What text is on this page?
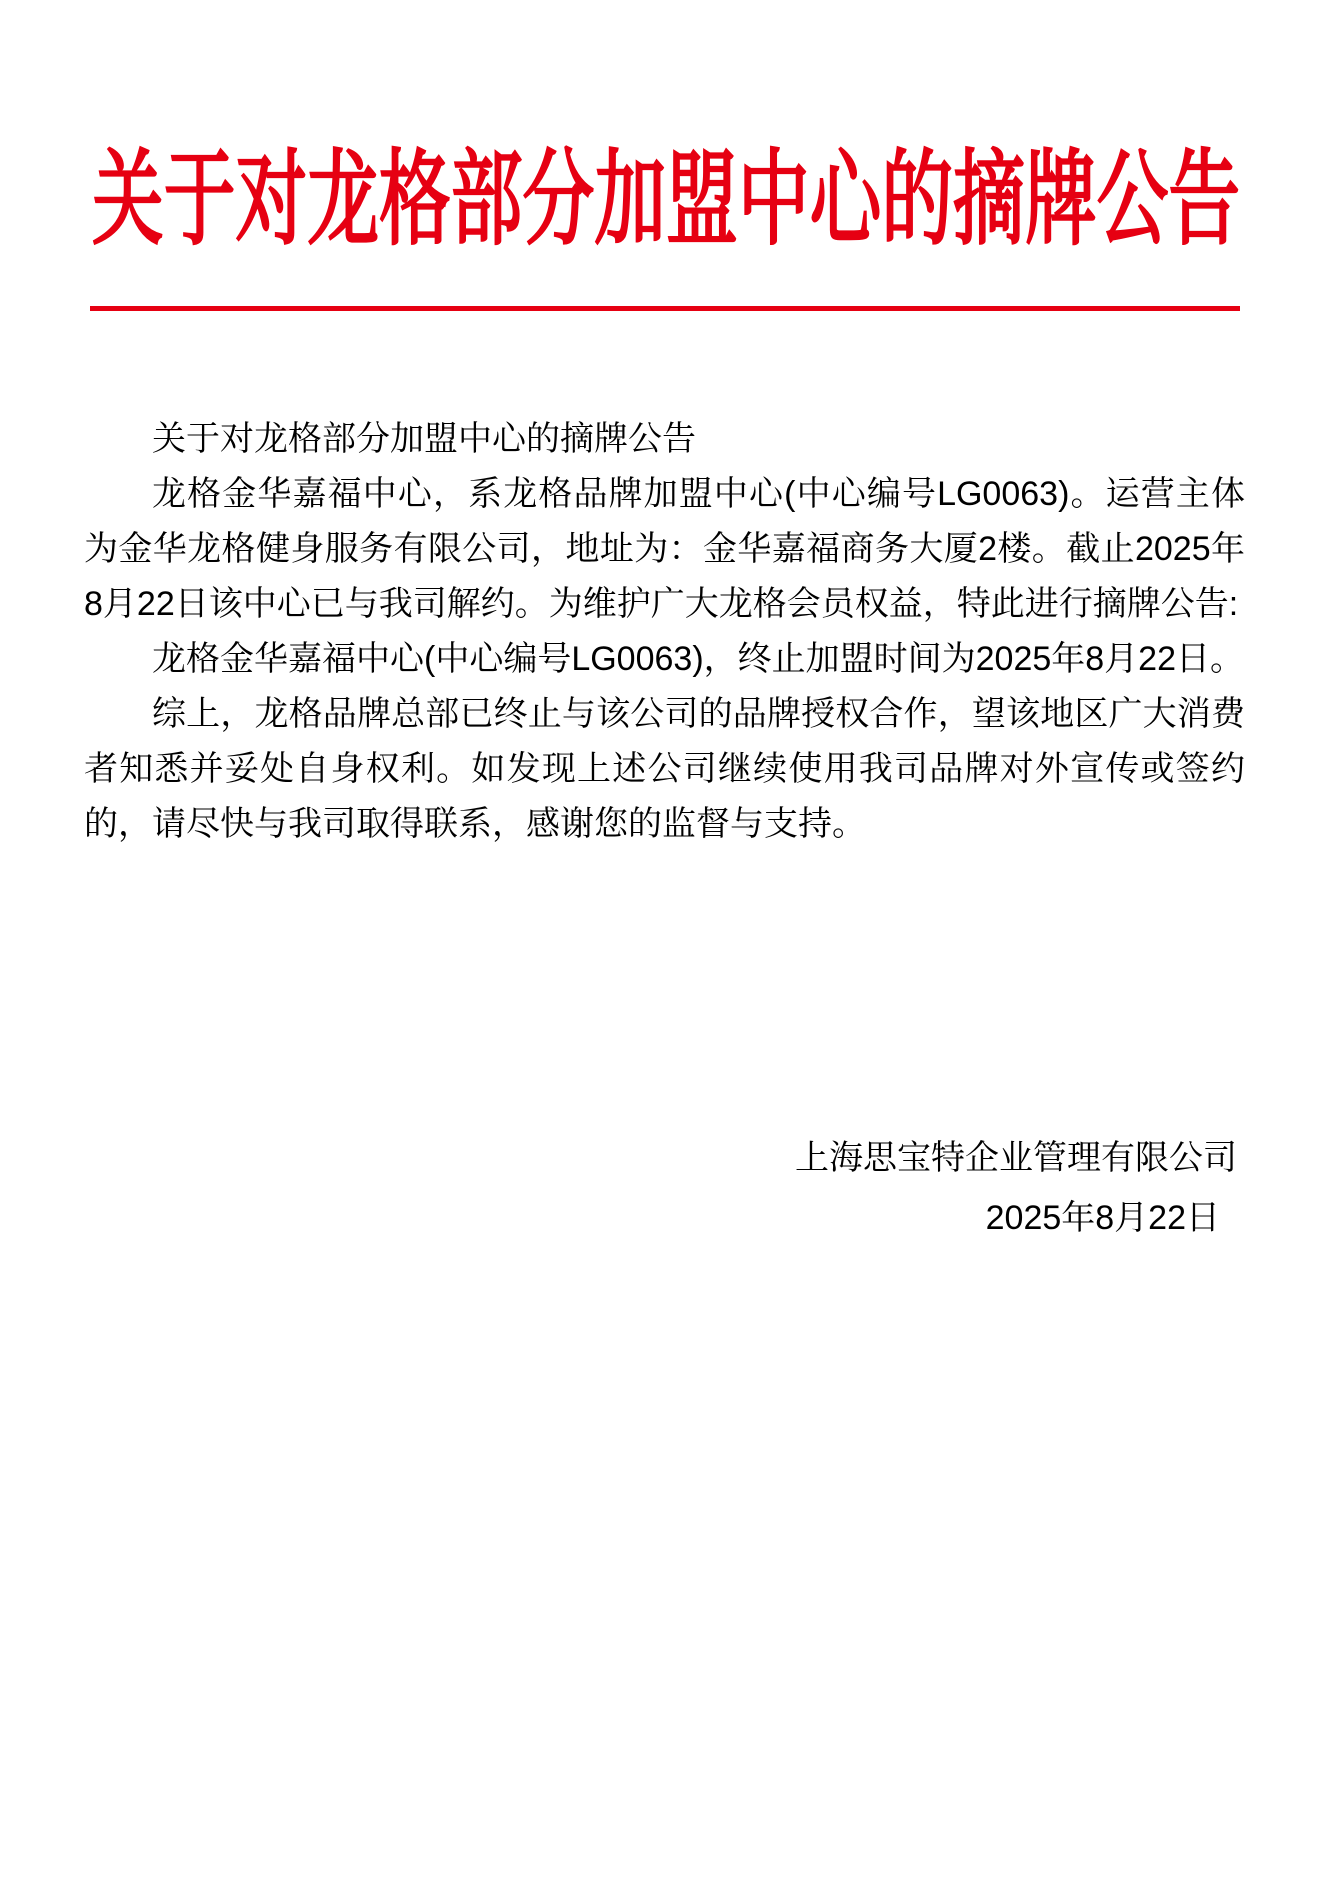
关于对龙格部分加盟中心的摘牌公告

关于对龙格部分加盟中心的摘牌公告

龙格金华嘉福中心，系龙格品牌加盟中心(中心编号LG0063)。运营主体为金华龙格健身服务有限公司，地址为：金华嘉福商务大厦2楼。截止2025年8月22日该中心已与我司解约。为维护广大龙格会员权益，特此进行摘牌公告:

龙格金华嘉福中心(中心编号LG0063)，终止加盟时间为2025年8月22日。

综上，龙格品牌总部已终止与该公司的品牌授权合作，望该地区广大消费者知悉并妥处自身权利。如发现上述公司继续使用我司品牌对外宣传或签约的，请尽快与我司取得联系，感谢您的监督与支持。

上海思宝特企业管理有限公司
2025年8月22日
